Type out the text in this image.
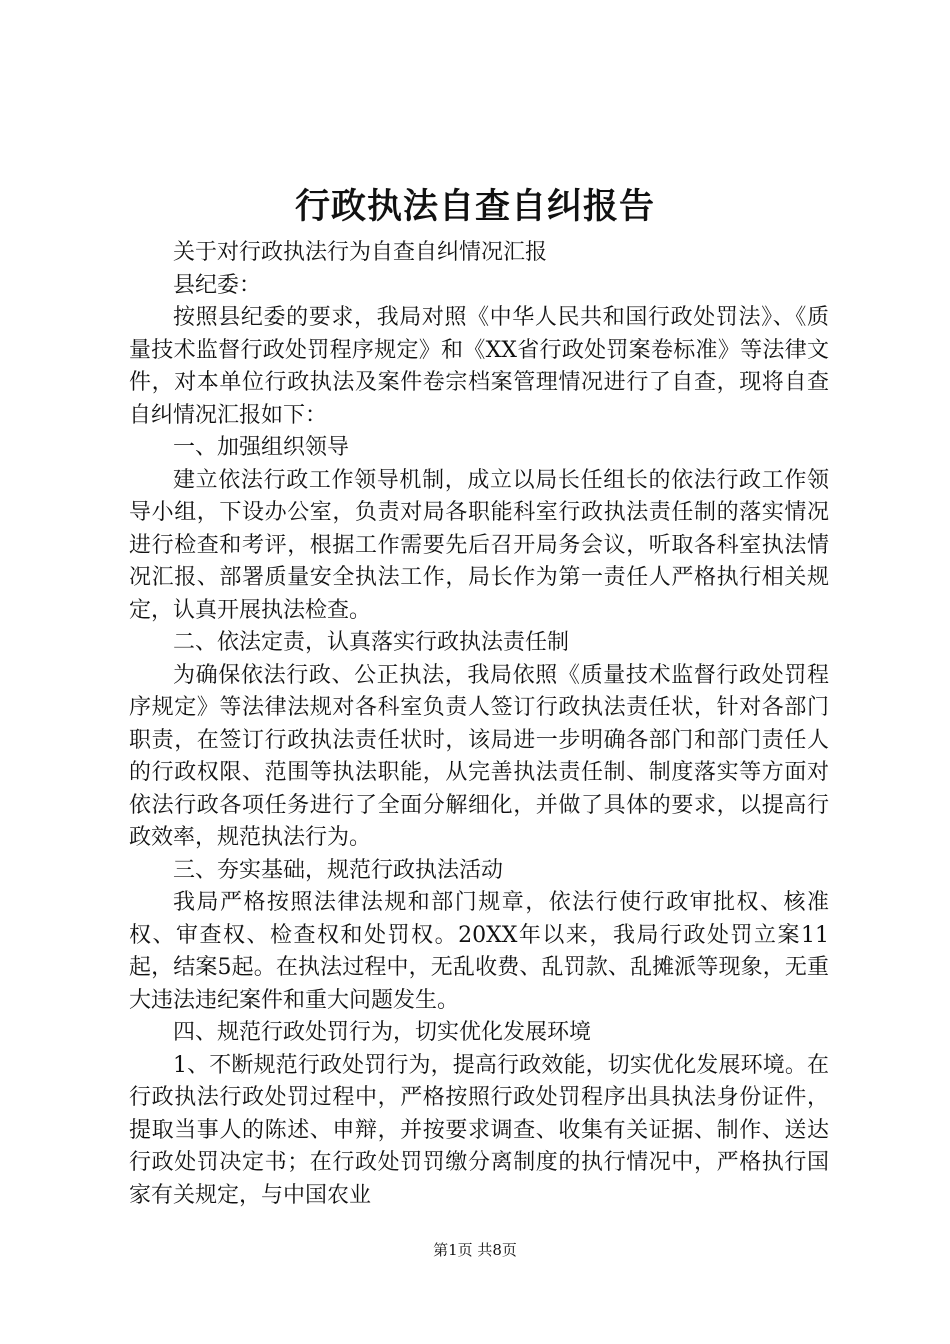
行政执法自查自纠报告

关于对行政执法行为自查自纠情况汇报

县纪委：

按照县纪委的要求，我局对照《中华人民共和国行政处罚法》、《质量技术监督行政处罚程序规定》和《XX省行政处罚案卷标准》等法律文件，对本单位行政执法及案件卷宗档案管理情况进行了自查，现将自查自纠情况汇报如下：

一、加强组织领导

建立依法行政工作领导机制，成立以局长任组长的依法行政工作领导小组，下设办公室，负责对局各职能科室行政执法责任制的落实情况进行检查和考评，根据工作需要先后召开局务会议，听取各科室执法情况汇报、部署质量安全执法工作，局长作为第一责任人严格执行相关规定，认真开展执法检查。

二、依法定责，认真落实行政执法责任制

为确保依法行政、公正执法，我局依照《质量技术监督行政处罚程序规定》等法律法规对各科室负责人签订行政执法责任状，针对各部门职责，在签订行政执法责任状时，该局进一步明确各部门和部门责任人的行政权限、范围等执法职能，从完善执法责任制、制度落实等方面对依法行政各项任务进行了全面分解细化，并做了具体的要求，以提高行政效率，规范执法行为。

三、夯实基础，规范行政执法活动

我局严格按照法律法规和部门规章，依法行使行政审批权、核准权、审查权、检查权和处罚权。20XX年以来，我局行政处罚立案11起，结案5起。在执法过程中，无乱收费、乱罚款、乱摊派等现象，无重大违法违纪案件和重大问题发生。

四、规范行政处罚行为，切实优化发展环境

1、不断规范行政处罚行为，提高行政效能，切实优化发展环境。在行政执法行政处罚过程中，严格按照行政处罚程序出具执法身份证件，提取当事人的陈述、申辩，并按要求调查、收集有关证据、制作、送达行政处罚决定书；在行政处罚罚缴分离制度的执行情况中，严格执行国家有关规定，与中国农业

第1页 共8页
